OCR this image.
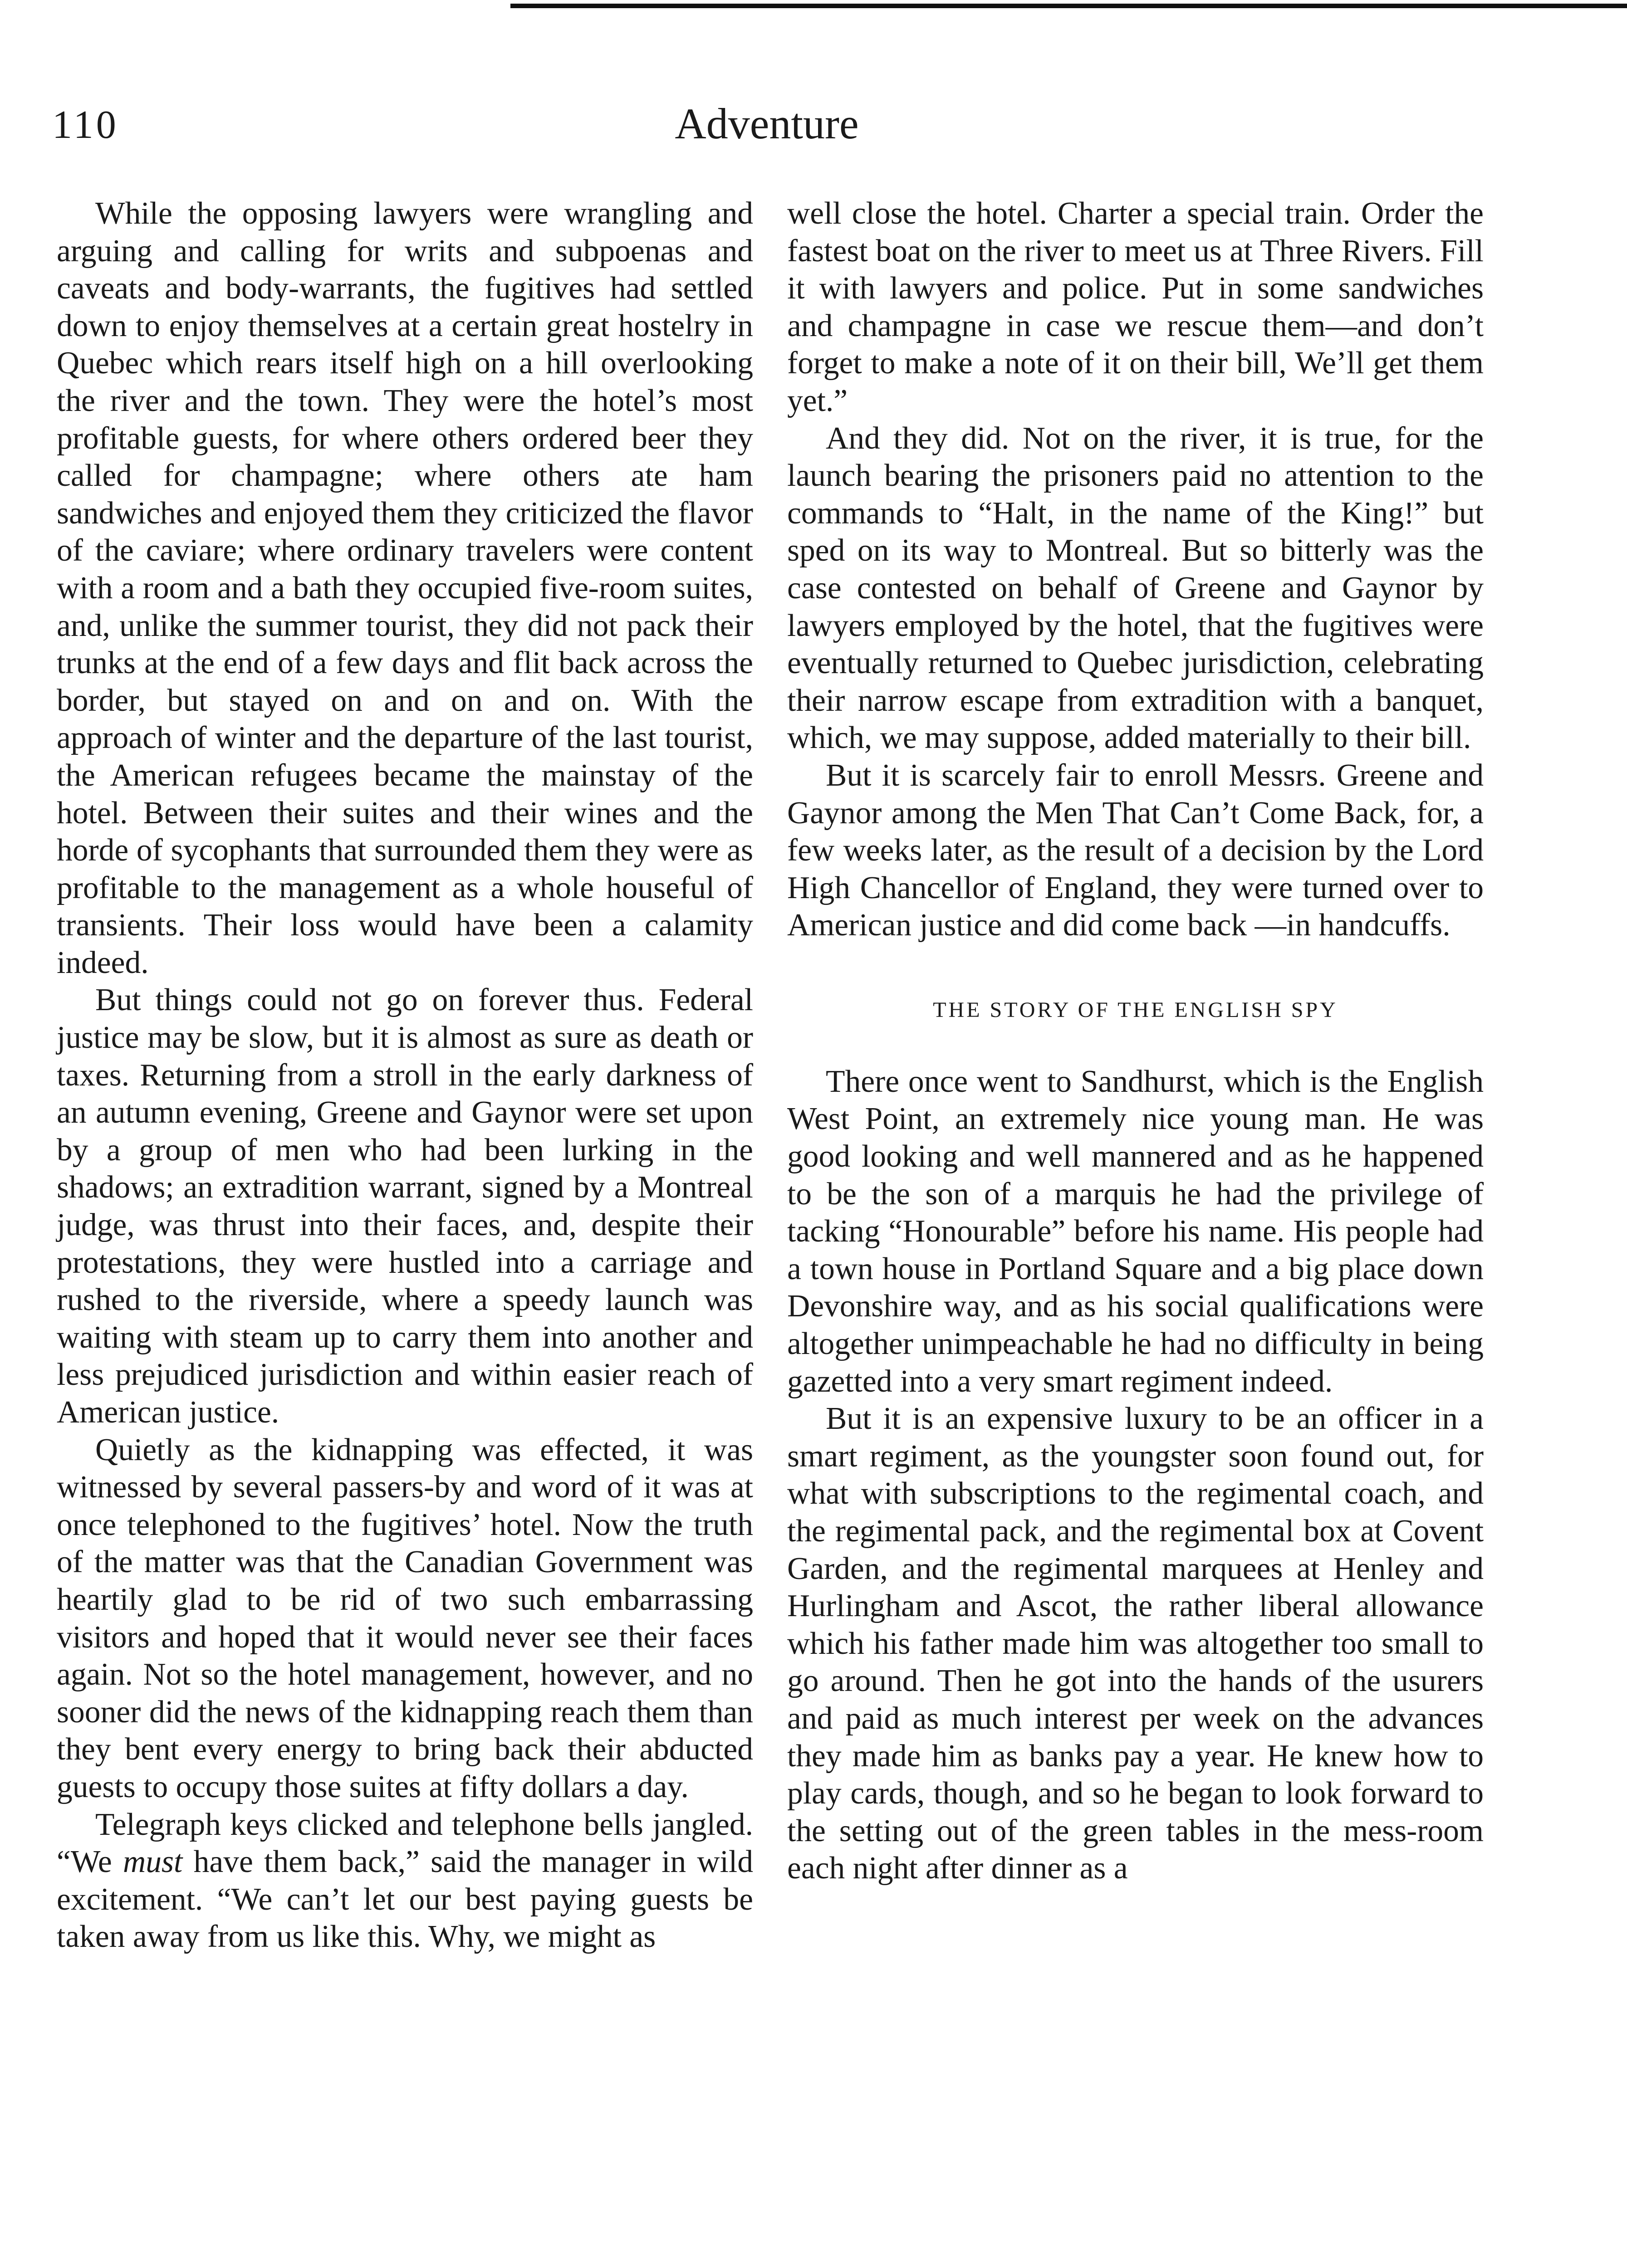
110	Adventure

While the opposing lawyers were wrangling and arguing and calling for writs and subpoenas and caveats and body-warrants, the fugitives had settled down to enjoy themselves at a certain great hostelry in Quebec which rears itself high on a hill overlooking the river and the town. They were the hotel’s most profitable guests, for where others ordered beer they called for champagne; where others ate ham sandwiches and enjoyed them they criticized the flavor of the caviare; where ordinary travelers were content with a room and a bath they occupied five-room suites, and, unlike the summer tourist, they did not pack their trunks at the end of a few days and flit back across the border, but stayed on and on and on. With the approach of winter and the departure of the last tourist, the American refugees became the mainstay of the hotel. Between their suites and their wines and the horde of sycophants that surrounded them they were as profitable to the management as a whole houseful of transients. Their loss would have been a calamity indeed.

But things could not go on forever thus. Federal justice may be slow, but it is almost as sure as death or taxes. Returning from a stroll in the early darkness of an autumn evening, Greene and Gaynor were set upon by a group of men who had been lurking in the shadows; an extradition warrant, signed by a Montreal judge, was thrust into their faces, and, despite their protestations, they were hustled into a carriage and rushed to the riverside, where a speedy launch was waiting with steam up to carry them into another and less prejudiced jurisdiction and within easier reach of American justice.

Quietly as the kidnapping was effected, it was witnessed by several passers-by and word of it was at once telephoned to the fugitives’ hotel. Now the truth of the matter was that the Canadian Government was heartily glad to be rid of two such embarrassing visitors and hoped that it would never see their faces again. Not so the hotel management, however, and no sooner did the news of the kidnapping reach them than they bent every energy to bring back their abducted guests to occupy those suites at fifty dollars a day.

Telegraph keys clicked and telephone bells jangled. “We must have them back,” said the manager in wild excitement. “We can’t let our best paying guests be taken away from us like this. Why, we might as

well close the hotel. Charter a special train. Order the fastest boat on the river to meet us at Three Rivers. Fill it with lawyers and police. Put in some sandwiches and champagne in case we rescue them—and don’t forget to make a note of it on their bill, We’ll get them yet.”

And they did. Not on the river, it is true, for the launch bearing the prisoners paid no attention to the commands to “Halt, in the name of the King!” but sped on its way to Montreal. But so bitterly was the case contested on behalf of Greene and Gaynor by lawyers employed by the hotel, that the fugitives were eventually returned to Quebec jurisdiction, celebrating their narrow escape from extradition with a banquet, which, we may suppose, added materially to their bill.

But it is scarcely fair to enroll Messrs. Greene and Gaynor among the Men That Can’t Come Back, for, a few weeks later, as the result of a decision by the Lord High Chancellor of England, they were turned over to American justice and did come back —in handcuffs.

THE STORY OF THE ENGLISH SPY

There once went to Sandhurst, which is the English West Point, an extremely nice young man. He was good looking and well mannered and as he happened to be the son of a marquis he had the privilege of tacking “Honourable” before his name. His people had a town house in Portland Square and a big place down Devonshire way, and as his social qualifications were altogether unimpeachable he had no difficulty in being gazetted into a very smart regiment indeed.

But it is an expensive luxury to be an officer in a smart regiment, as the youngster soon found out, for what with subscriptions to the regimental coach, and the regimental pack, and the regimental box at Covent Garden, and the regimental marquees at Henley and Hurlingham and Ascot, the rather liberal allowance which his father made him was altogether too small to go around. Then he got into the hands of the usurers and paid as much interest per week on the advances they made him as banks pay a year. He knew how to play cards, though, and so he began to look forward to the setting out of the green tables in the mess-room each night after dinner as a
